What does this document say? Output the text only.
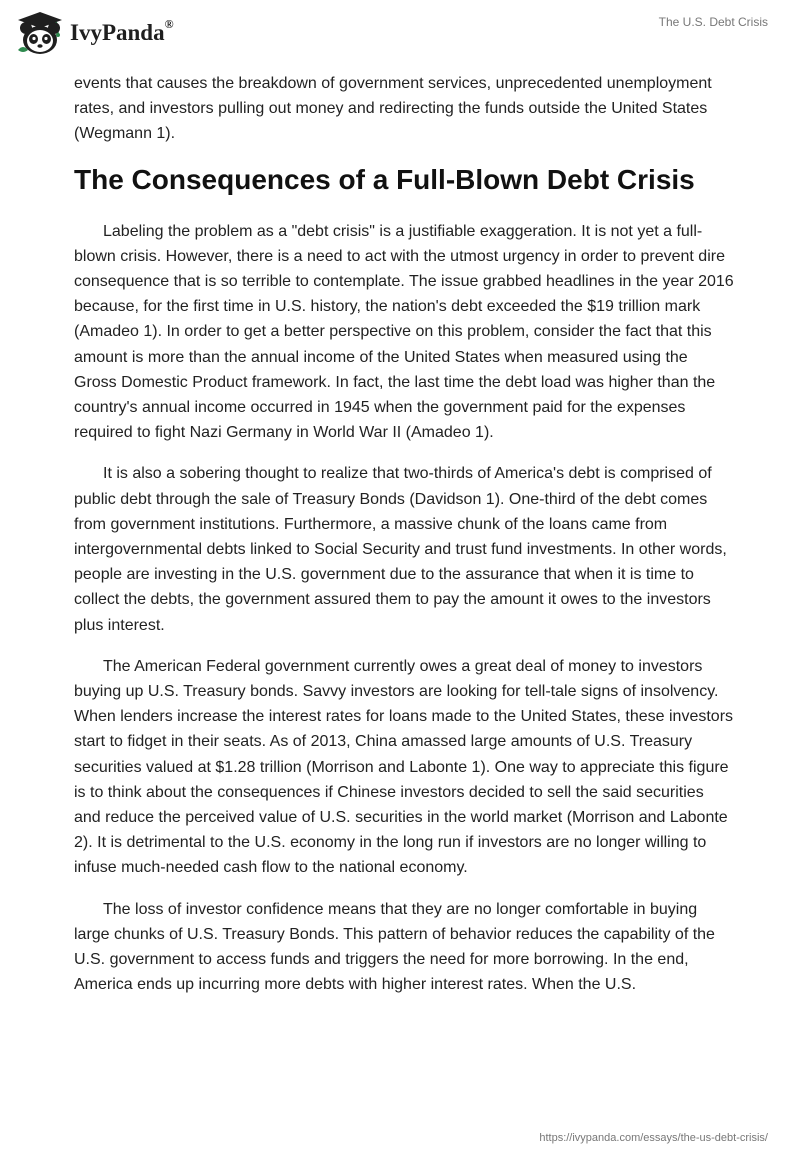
IvyPanda®	The U.S. Debt Crisis

events that causes the breakdown of government services, unprecedented unemployment rates, and investors pulling out money and redirecting the funds outside the United States (Wegmann 1).

The Consequences of a Full-Blown Debt Crisis

Labeling the problem as a "debt crisis" is a justifiable exaggeration. It is not yet a full-blown crisis. However, there is a need to act with the utmost urgency in order to prevent dire consequence that is so terrible to contemplate. The issue grabbed headlines in the year 2016 because, for the first time in U.S. history, the nation's debt exceeded the $19 trillion mark (Amadeo 1). In order to get a better perspective on this problem, consider the fact that this amount is more than the annual income of the United States when measured using the Gross Domestic Product framework. In fact, the last time the debt load was higher than the country's annual income occurred in 1945 when the government paid for the expenses required to fight Nazi Germany in World War II (Amadeo 1).

It is also a sobering thought to realize that two-thirds of America's debt is comprised of public debt through the sale of Treasury Bonds (Davidson 1). One-third of the debt comes from government institutions. Furthermore, a massive chunk of the loans came from intergovernmental debts linked to Social Security and trust fund investments. In other words, people are investing in the U.S. government due to the assurance that when it is time to collect the debts, the government assured them to pay the amount it owes to the investors plus interest.

The American Federal government currently owes a great deal of money to investors buying up U.S. Treasury bonds. Savvy investors are looking for tell-tale signs of insolvency. When lenders increase the interest rates for loans made to the United States, these investors start to fidget in their seats. As of 2013, China amassed large amounts of U.S. Treasury securities valued at $1.28 trillion (Morrison and Labonte 1). One way to appreciate this figure is to think about the consequences if Chinese investors decided to sell the said securities and reduce the perceived value of U.S. securities in the world market (Morrison and Labonte 2). It is detrimental to the U.S. economy in the long run if investors are no longer willing to infuse much-needed cash flow to the national economy.

The loss of investor confidence means that they are no longer comfortable in buying large chunks of U.S. Treasury Bonds. This pattern of behavior reduces the capability of the U.S. government to access funds and triggers the need for more borrowing. In the end, America ends up incurring more debts with higher interest rates. When the U.S.

https://ivypanda.com/essays/the-us-debt-crisis/
